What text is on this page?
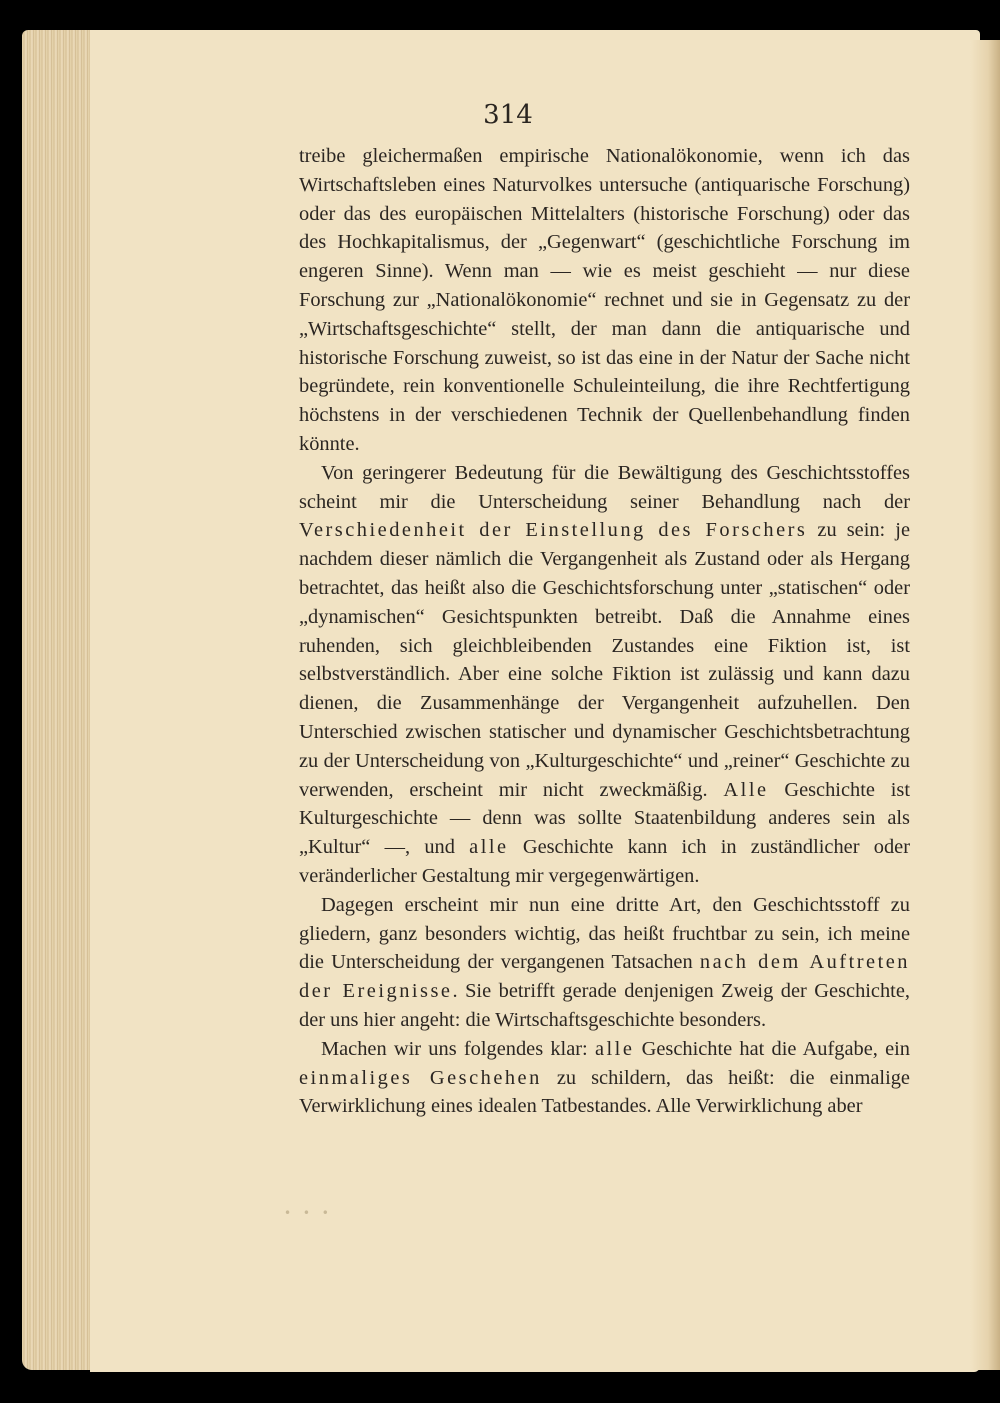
314

treibe gleichermaßen empirische Nationalökonomie, wenn ich das Wirtschaftsleben eines Naturvolkes untersuche (antiquarische Forschung) oder das des europäischen Mittelalters (historische Forschung) oder das des Hochkapitalismus, der „Gegenwart“ (geschichtliche Forschung im engeren Sinne). Wenn man — wie es meist geschieht — nur diese Forschung zur „Nationalökonomie“ rechnet und sie in Gegensatz zu der „Wirtschaftsgeschichte“ stellt, der man dann die antiquarische und historische Forschung zuweist, so ist das eine in der Natur der Sache nicht begründete, rein konventionelle Schuleinteilung, die ihre Rechtfertigung höchstens in der verschiedenen Technik der Quellenbehandlung finden könnte.

Von geringerer Bedeutung für die Bewältigung des Geschichtsstoffes scheint mir die Unterscheidung seiner Behandlung nach der Verschiedenheit der Einstellung des Forschers zu sein: je nachdem dieser nämlich die Vergangenheit als Zustand oder als Hergang betrachtet, das heißt also die Geschichtsforschung unter „statischen“ oder „dynamischen“ Gesichtspunkten betreibt. Daß die Annahme eines ruhenden, sich gleichbleibenden Zustandes eine Fiktion ist, ist selbstverständlich. Aber eine solche Fiktion ist zulässig und kann dazu dienen, die Zusammenhänge der Vergangenheit aufzuhellen. Den Unterschied zwischen statischer und dynamischer Geschichtsbetrachtung zu der Unterscheidung von „Kulturgeschichte“ und „reiner“ Geschichte zu verwenden, erscheint mir nicht zweckmäßig. Alle Geschichte ist Kulturgeschichte — denn was sollte Staatenbildung anderes sein als „Kultur“ —, und alle Geschichte kann ich in zuständlicher oder veränderlicher Gestaltung mir vergegenwärtigen.

Dagegen erscheint mir nun eine dritte Art, den Geschichtsstoff zu gliedern, ganz besonders wichtig, das heißt fruchtbar zu sein, ich meine die Unterscheidung der vergangenen Tatsachen nach dem Auftreten der Ereignisse. Sie betrifft gerade denjenigen Zweig der Geschichte, der uns hier angeht: die Wirtschaftsgeschichte besonders.

Machen wir uns folgendes klar: alle Geschichte hat die Aufgabe, ein einmaliges Geschehen zu schildern, das heißt: die einmalige Verwirklichung eines idealen Tatbestandes. Alle Verwirklichung aber

• • •
